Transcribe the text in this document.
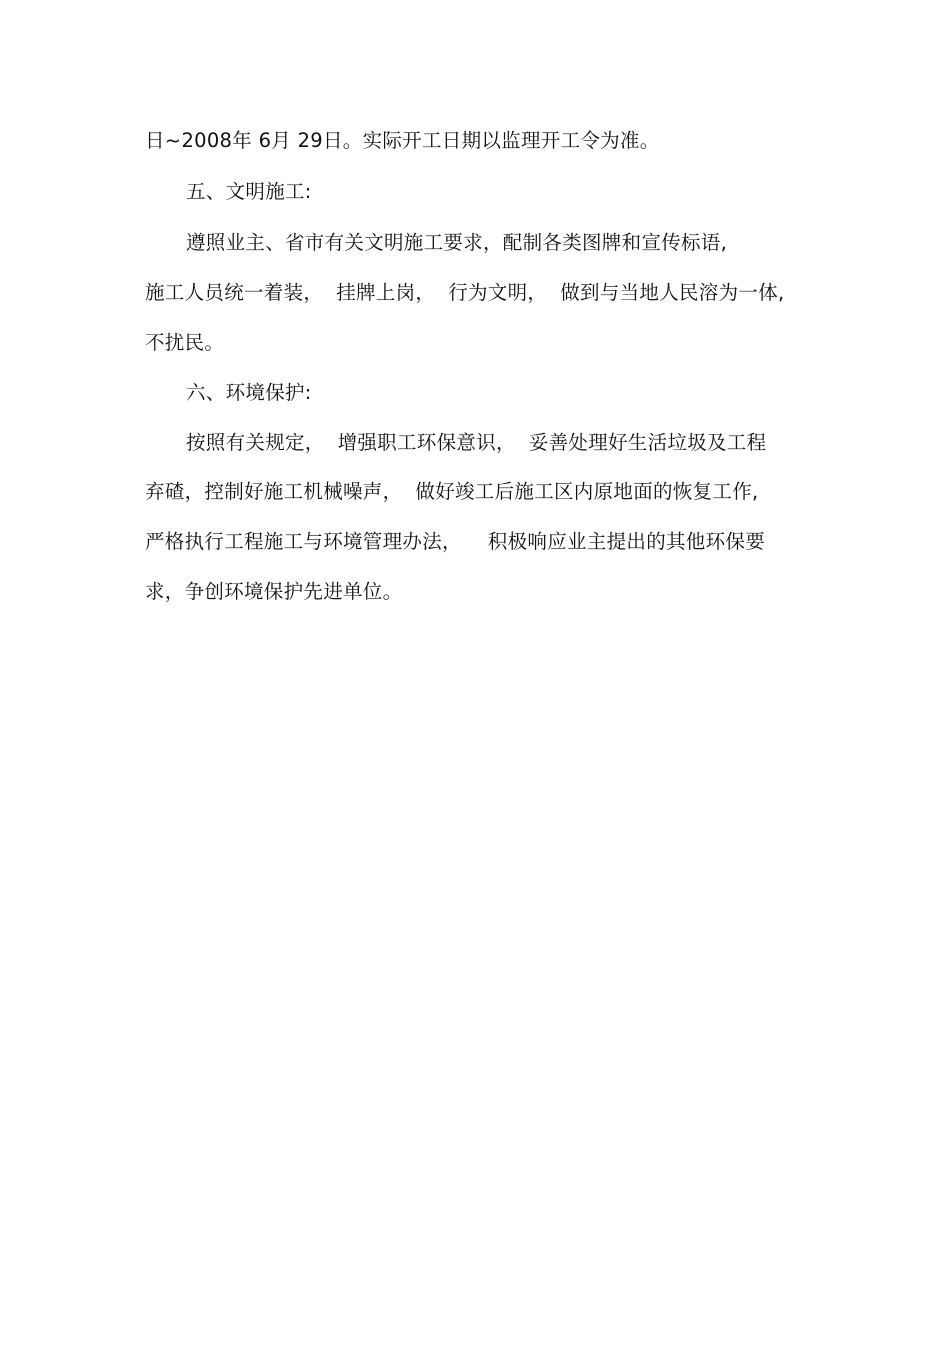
日~2008年 6月 29日。实际开工日期以监理开工令为准。
五、文明施工:
遵照业主、省市有关文明施工要求，配制各类图牌和宣传标语,
施工人员统一着装，  挂牌上岗，  行为文明，  做到与当地人民溶为一体,
不扰民。
六、环境保护:
按照有关规定，  增强职工环保意识，  妥善处理好生活垃圾及工程
弃碴，控制好施工机械噪声，  做好竣工后施工区内原地面的恢复工作,
严格执行工程施工与环境管理办法，    积极响应业主提出的其他环保要
求，争创环境保护先进单位。
